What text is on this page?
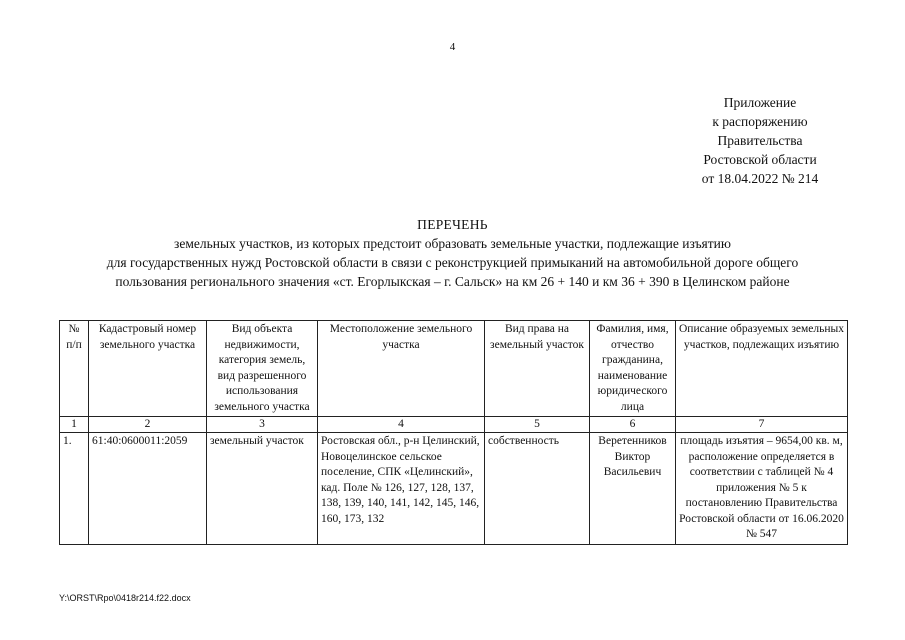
4
Приложение
к распоряжению
Правительства
Ростовской области
от 18.04.2022 № 214
ПЕРЕЧЕНЬ
земельных участков, из которых предстоит образовать земельные участки, подлежащие изъятию
для государственных нужд Ростовской области в связи с реконструкцией примыканий на автомобильной дороге общего
пользования регионального значения «ст. Егорлыкская – г. Сальск» на км 26 + 140 и км 36 + 390 в Целинском районе
№ п/п	Кадастровый номер земельного участка	Вид объекта недвижимости, категория земель, вид разрешенного использования земельного участка	Местоположение земельного участка	Вид права на земельный участок	Фамилия, имя, отчество гражданина, наименование юридического лица	Описание образуемых земельных участков, подлежащих изъятию
1	2	3	4	5	6	7
1.	61:40:0600011:2059	земельный участок	Ростовская обл., р-н Целинский, Новоцелинское сельское поселение, СПК «Целинский», кад. Поле № 126, 127, 128, 137, 138, 139, 140, 141, 142, 145, 146, 160, 173, 132	собственность	Веретенников Виктор Васильевич	площадь изъятия – 9654,00 кв. м, расположение определяется в соответствии с таблицей № 4 приложения № 5 к постановлению Правительства Ростовской области от 16.06.2020 № 547
Y:\ORST\Rpo\0418r214.f22.docx
